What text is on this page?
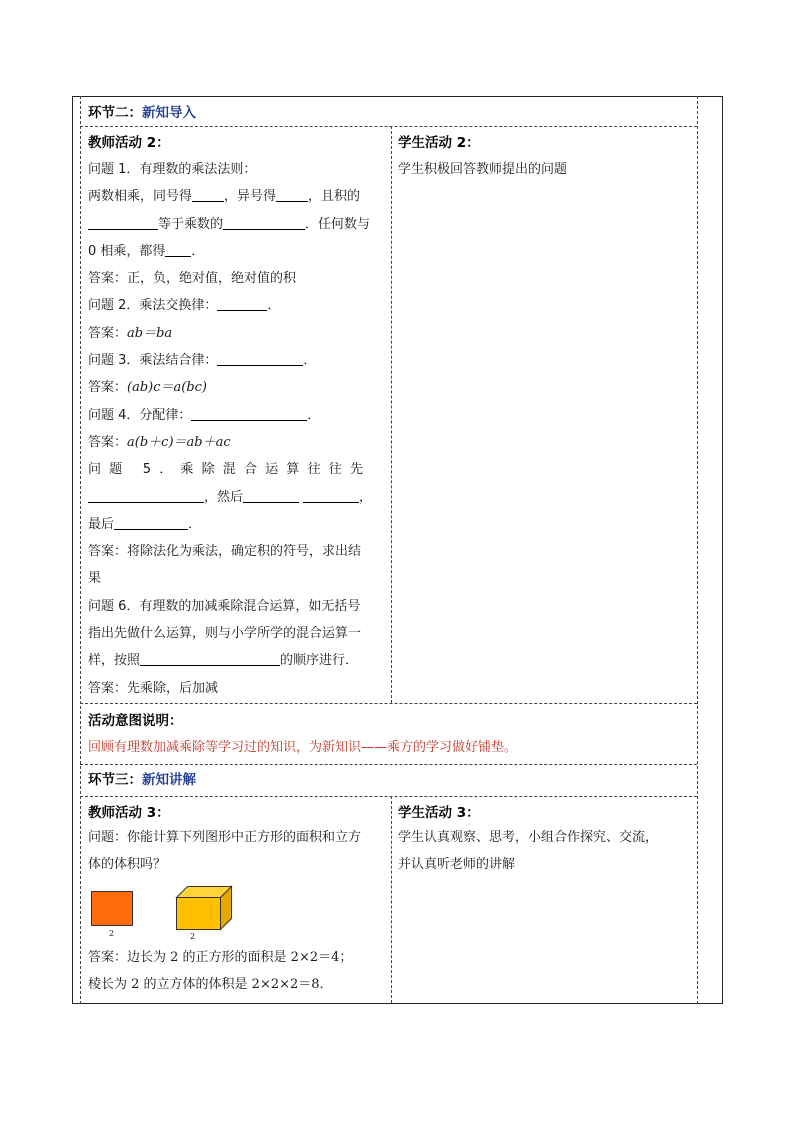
环节二：新知导入
教师活动 2：

问题 1．有理数的乘法法则：

两数相乘，同号得 ，异号得 ，且积的

等于乘数的	．任何数与

0 相乘，都得 ．

答案：正，负，绝对值，绝对值的积

问题 2．乘法交换律：	．

答案：ab＝ba

问题 3．乘法结合律：	．

答案：(ab)c＝a(bc)

问题 4．分配律：	．

答案：a(b＋c)＝ab＋ac

问题 5．乘除混合运算往往先

，然后	，

最后	．

答案：将除法化为乘法，确定积的符号，求出结

果

问题 6．有理数的加减乘除混合运算，如无括号

指出先做什么运算，则与小学所学的混合运算一

样，按照	的顺序进行．

答案：先乘除，后加减

学生活动 2：
学生积极回答教师提出的问题
活动意图说明：
回顾有理数加减乘除等学习过的知识，为新知识——乘方的学习做好铺垫。
环节三：新知讲解
教师活动 3：

问题：你能计算下列图形中正方形的面积和立方

体的体积吗？

2	2

答案：边长为 2 的正方形的面积是 2×2＝4；

棱长为 2 的立方体的体积是 2×2×2＝8．

学生活动 3：

学生认真观察、思考，小组合作探究、交流，

并认真听老师的讲解
